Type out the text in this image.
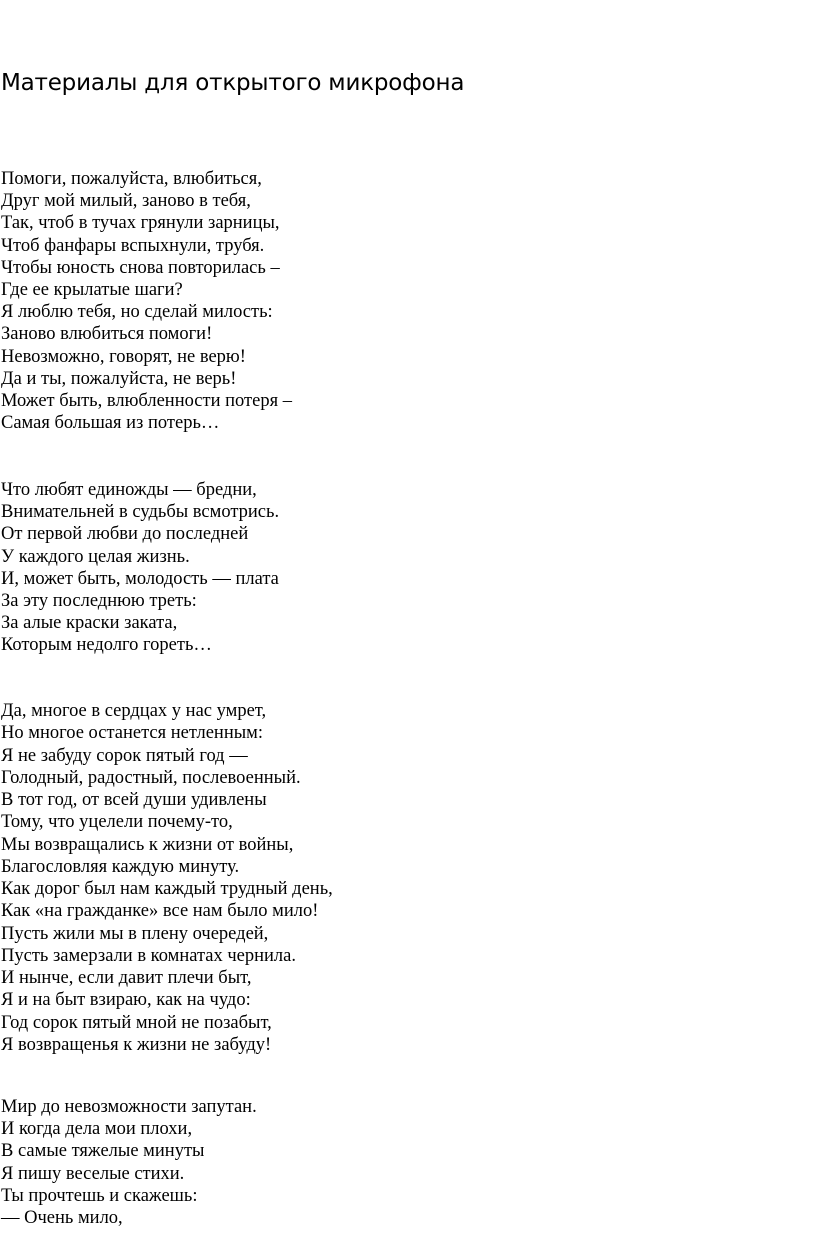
Материалы для открытого микрофона
Помоги, пожалуйста, влюбиться,
Друг мой милый, заново в тебя,
Так, чтоб в тучах грянули зарницы,
Чтоб фанфары вспыхнули, трубя.
Чтобы юность снова повторилась –
Где ее крылатые шаги?
Я люблю тебя, но сделай милость:
Заново влюбиться помоги!
Невозможно, говорят, не верю!
Да и ты, пожалуйста, не верь!
Может быть, влюбленности потеря –
Самая большая из потерь…
Что любят единожды — бредни,
Внимательней в судьбы всмотрись.
От первой любви до последней
У каждого целая жизнь.
И, может быть, молодость — плата
За эту последнюю треть:
За алые краски заката,
Которым недолго гореть…
Да, многое в сердцах у нас умрет,
Но многое останется нетленным:
Я не забуду сорок пятый год —
Голодный, радостный, послевоенный.
В тот год, от всей души удивлены
Тому, что уцелели почему-то,
Мы возвращались к жизни от войны,
Благословляя каждую минуту.
Как дорог был нам каждый трудный день,
Как «на гражданке» все нам было мило!
Пусть жили мы в плену очередей,
Пусть замерзали в комнатах чернила.
И нынче, если давит плечи быт,
Я и на быт взираю, как на чудо:
Год сорок пятый мной не позабыт,
Я возвращенья к жизни не забуду!
Мир до невозможности запутан.
И когда дела мои плохи,
В самые тяжелые минуты
Я пишу веселые стихи.
Ты прочтешь и скажешь:
— Очень мило,
